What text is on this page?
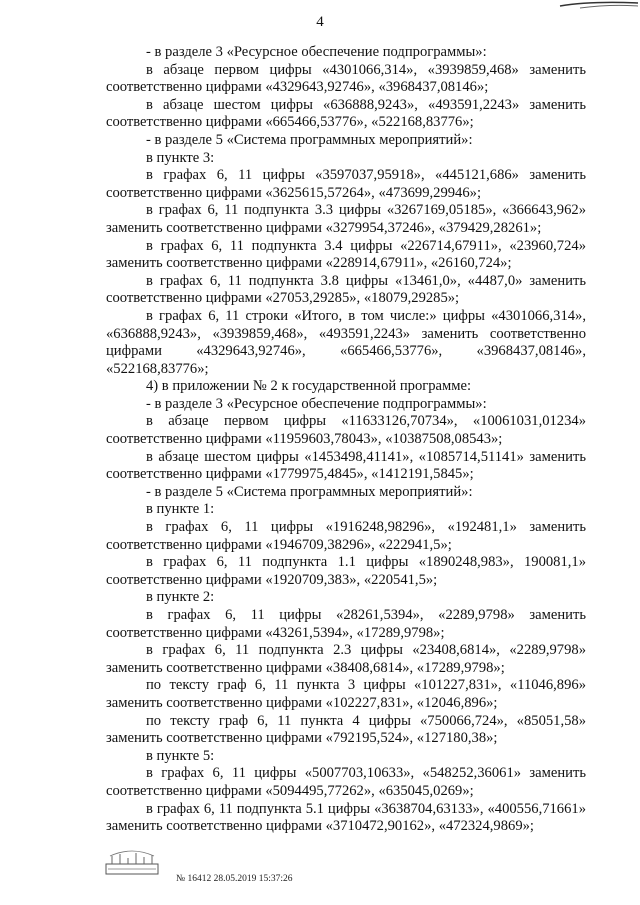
4
- в разделе 3 «Ресурсное обеспечение подпрограммы»:
в абзаце первом цифры «4301066,314», «3939859,468» заменить
соответственно цифрами «4329643,92746», «3968437,08146»;
в абзаце шестом цифры «636888,9243», «493591,2243» заменить
соответственно цифрами «665466,53776», «522168,83776»;
- в разделе 5 «Система программных мероприятий»:
в пункте 3:
в графах 6, 11 цифры «3597037,95918», «445121,686» заменить
соответственно цифрами «3625615,57264», «473699,29946»;
в графах 6, 11 подпункта 3.3 цифры «3267169,05185», «366643,962»
заменить соответственно цифрами «3279954,37246», «379429,28261»;
в графах 6, 11 подпункта 3.4 цифры «226714,67911», «23960,724»
заменить соответственно цифрами «228914,67911», «26160,724»;
в графах 6, 11 подпункта 3.8 цифры «13461,0», «4487,0» заменить
соответственно цифрами «27053,29285», «18079,29285»;
в графах 6, 11 строки «Итого, в том числе:» цифры «4301066,314»,
«636888,9243», «3939859,468», «493591,2243» заменить соответственно
цифрами «4329643,92746», «665466,53776», «3968437,08146»,
«522168,83776»;
4) в приложении № 2 к государственной программе:
- в разделе 3 «Ресурсное обеспечение подпрограммы»:
в абзаце первом цифры «11633126,70734», «10061031,01234»
соответственно цифрами «11959603,78043», «10387508,08543»;
в абзаце шестом цифры «1453498,41141», «1085714,51141» заменить
соответственно цифрами «1779975,4845», «1412191,5845»;
- в разделе 5 «Система программных мероприятий»:
в пункте 1:
в графах 6, 11 цифры «1916248,98296», «192481,1» заменить
соответственно цифрами «1946709,38296», «222941,5»;
в графах 6, 11 подпункта 1.1 цифры «1890248,983», 190081,1»
соответственно цифрами «1920709,383», «220541,5»;
в пункте 2:
в графах 6, 11 цифры «28261,5394», «2289,9798» заменить
соответственно цифрами «43261,5394», «17289,9798»;
в графах 6, 11 подпункта 2.3 цифры «23408,6814», «2289,9798»
заменить соответственно цифрами «38408,6814», «17289,9798»;
по тексту граф 6, 11 пункта 3 цифры «101227,831», «11046,896»
заменить соответственно цифрами «102227,831», «12046,896»;
по тексту граф 6, 11 пункта 4 цифры «750066,724», «85051,58»
заменить соответственно цифрами «792195,524», «127180,38»;
в пункте 5:
в графах 6, 11 цифры «5007703,10633», «548252,36061» заменить
соответственно цифрами «5094495,77262», «635045,0269»;
в графах 6, 11 подпункта 5.1 цифры «3638704,63133», «400556,71661»
заменить соответственно цифрами «3710472,90162», «472324,9869»;
№ 16412 28.05.2019 15:37:26
